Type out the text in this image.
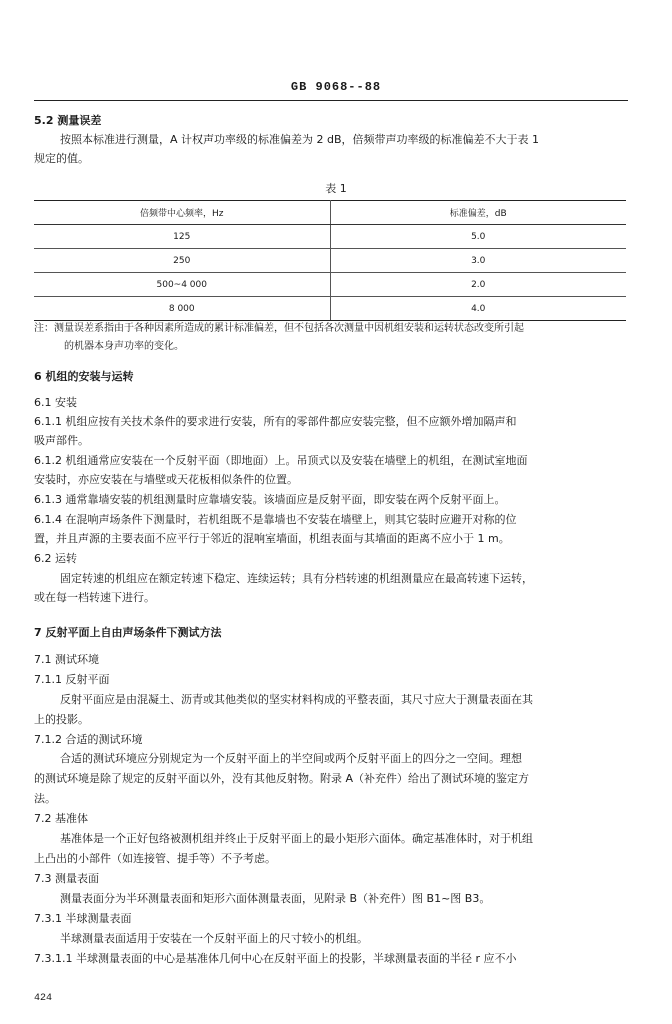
GB 9068--88
5.2 测量误差
按照本标准进行测量，A 计权声功率级的标准偏差为 2 dB，倍频带声功率级的标准偏差不大于表 1
规定的值。
表 1
倍频带中心频率，Hz	标准偏差，dB
125	5.0
250	3.0
500~4 000	2.0
8 000	4.0
注：测量误差系指由于各种因素所造成的累计标准偏差，但不包括各次测量中因机组安装和运转状态改变所引起
的机器本身声功率的变化。
6 机组的安装与运转
6.1 安装
6.1.1 机组应按有关技术条件的要求进行安装，所有的零部件都应安装完整，但不应额外增加隔声和
吸声部件。
6.1.2 机组通常应安装在一个反射平面（即地面）上。吊顶式以及安装在墙壁上的机组，在测试室地面
安装时，亦应安装在与墙壁或天花板相似条件的位置。
6.1.3 通常靠墙安装的机组测量时应靠墙安装。该墙面应是反射平面，即安装在两个反射平面上。
6.1.4 在混响声场条件下测量时，若机组既不是靠墙也不安装在墙壁上，则其它装时应避开对称的位
置，并且声源的主要表面不应平行于邻近的混响室墙面，机组表面与其墙面的距离不应小于 1 m。
6.2 运转
固定转速的机组应在额定转速下稳定、连续运转；具有分档转速的机组测量应在最高转速下运转，
或在每一档转速下进行。
7 反射平面上自由声场条件下测试方法
7.1 测试环境
7.1.1 反射平面
反射平面应是由混凝土、沥青或其他类似的坚实材料构成的平整表面，其尺寸应大于测量表面在其
上的投影。
7.1.2 合适的测试环境
合适的测试环境应分别规定为一个反射平面上的半空间或两个反射平面上的四分之一空间。理想
的测试环境是除了规定的反射平面以外，没有其他反射物。附录 A（补充件）给出了测试环境的鉴定方
法。
7.2 基准体
基准体是一个正好包络被测机组并终止于反射平面上的最小矩形六面体。确定基准体时，对于机组
上凸出的小部件（如连接管、提手等）不予考虑。
7.3 测量表面
测量表面分为半环测量表面和矩形六面体测量表面，见附录 B（补充件）图 B1~图 B3。
7.3.1 半球测量表面
半球测量表面适用于安装在一个反射平面上的尺寸较小的机组。
7.3.1.1 半球测量表面的中心是基准体几何中心在反射平面上的投影，半球测量表面的半径 r 应不小
424
